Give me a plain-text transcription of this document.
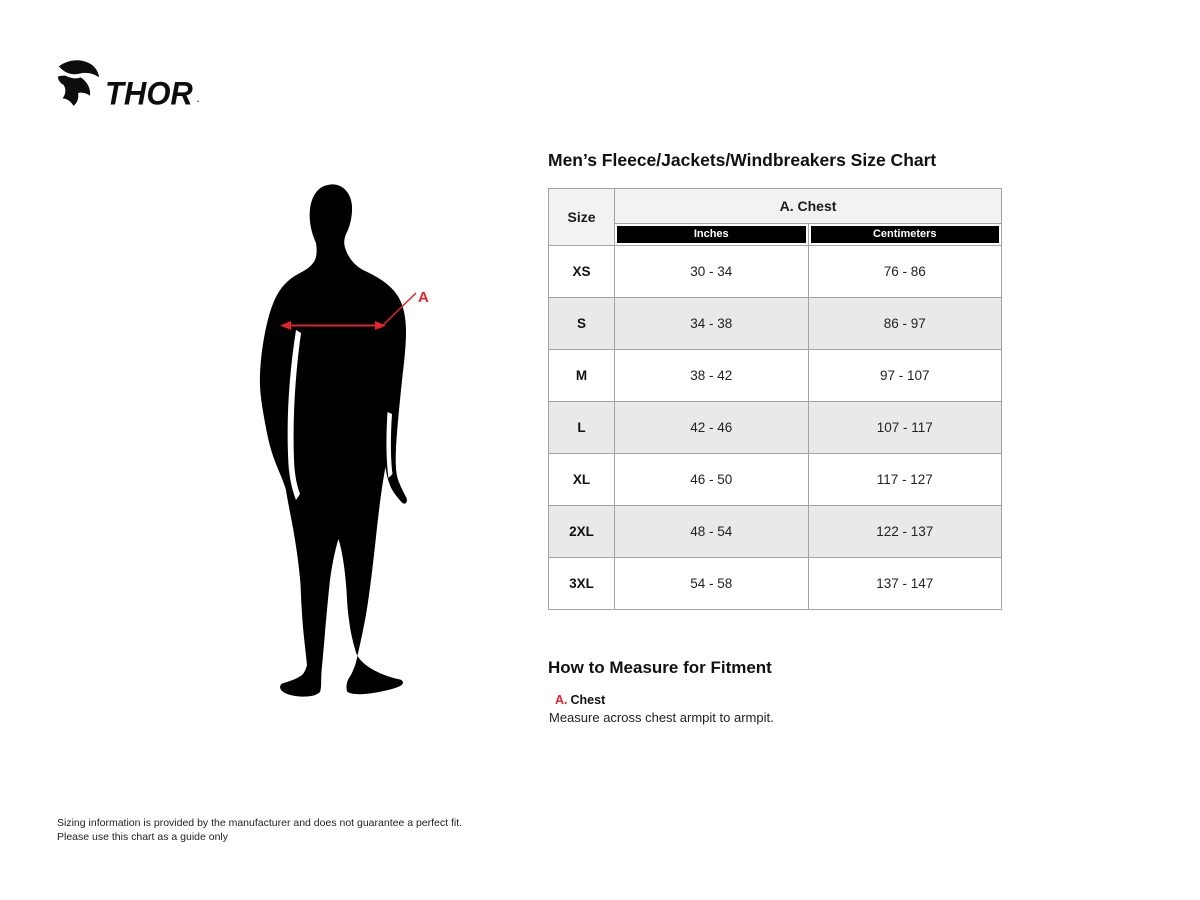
THOR .
A
Men’s Fleece/Jackets/Windbreakers Size Chart
Size	A. Chest	

	Inches	Centimeters

XS	30 - 34	76 - 86
S	34 - 38	86 - 97
M	38 - 42	97 - 107
L	42 - 46	107 - 117
XL	46 - 50	117 - 127
2XL	48 - 54	122 - 137
3XL	54 - 58	137 - 147
How to Measure for Fitment
A. Chest
Measure across chest armpit to armpit.
Sizing information is provided by the manufacturer and does not guarantee a perfect fit.
Please use this chart as a guide only
